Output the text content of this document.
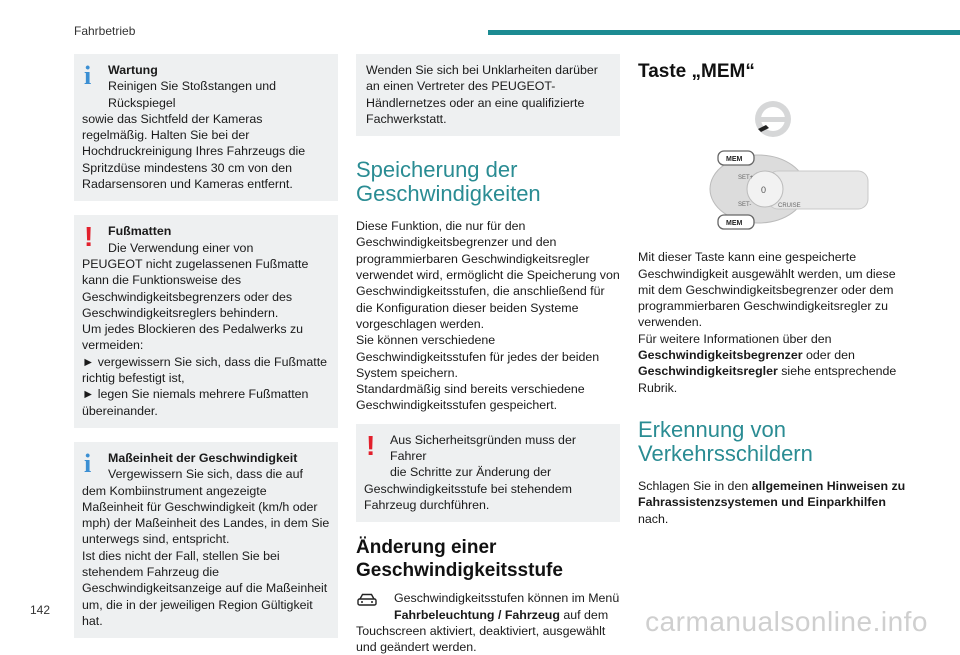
Fahrbetrieb
i	Wartung
Reinigen Sie Stoßstangen und Rückspiegel
sowie das Sichtfeld der Kameras regelmäßig. Halten Sie bei der Hochdruckreinigung Ihres Fahrzeugs die Spritzdüse mindestens 30 cm von den Radarsensoren und Kameras entfernt.
!	Fußmatten
Die Verwendung einer von
PEUGEOT nicht zugelassenen Fußmatte kann die Funktionsweise des Geschwindigkeitsbegrenzers oder des Geschwindigkeitsreglers behindern.
Um jedes Blockieren des Pedalwerks zu vermeiden:
► vergewissern Sie sich, dass die Fußmatte richtig befestigt ist,
► legen Sie niemals mehrere Fußmatten übereinander.
i	Maßeinheit der Geschwindigkeit
Vergewissern Sie sich, dass die auf
dem Kombiinstrument angezeigte Maßeinheit für Geschwindigkeit (km/h oder mph) der Maßeinheit des Landes, in dem Sie unterwegs sind, entspricht.
Ist dies nicht der Fall, stellen Sie bei stehendem Fahrzeug die Geschwindigkeitsanzeige auf die Maßeinheit um, die in der jeweiligen Region Gültigkeit hat.
Wenden Sie sich bei Unklarheiten darüber an einen Vertreter des PEUGEOT-Händlernetzes oder an eine qualifizierte Fachwerkstatt.
Speicherung der Geschwindigkeiten

Diese Funktion, die nur für den Geschwindigkeitsbegrenzer und den programmierbaren Geschwindigkeitsregler verwendet wird, ermöglicht die Speicherung von Geschwindigkeitsstufen, die anschließend für die Konfiguration dieser beiden Systeme vorgeschlagen werden.

Sie können verschiedene Geschwindigkeitsstufen für jedes der beiden System speichern.

Standardmäßig sind bereits verschiedene Geschwindigkeitsstufen gespeichert.

!	Aus Sicherheitsgründen muss der Fahrer
die Schritte zur Änderung der
Geschwindigkeitsstufe bei stehendem Fahrzeug durchführen.
Änderung einer Geschwindigkeitsstufe
Geschwindigkeitsstufen können im Menü
Fahrbeleuchtung / Fahrzeug auf dem
Touchscreen aktiviert, deaktiviert, ausgewählt und geändert werden.
Taste „MEM“
0
SET+
SET-	CRUISE
MEM
MEM

Mit dieser Taste kann eine gespeicherte Geschwindigkeit ausgewählt werden, um diese mit dem Geschwindigkeitsbegrenzer oder dem programmierbaren Geschwindigkeitsregler zu verwenden.

Für weitere Informationen über den Geschwindigkeitsbegrenzer oder den Geschwindigkeitsregler siehe entsprechende Rubrik.

Erkennung von Verkehrsschildern

Schlagen Sie in den allgemeinen Hinweisen zu Fahrassistenzsystemen und Einparkhilfen nach.

142	carmanualsonline.info
